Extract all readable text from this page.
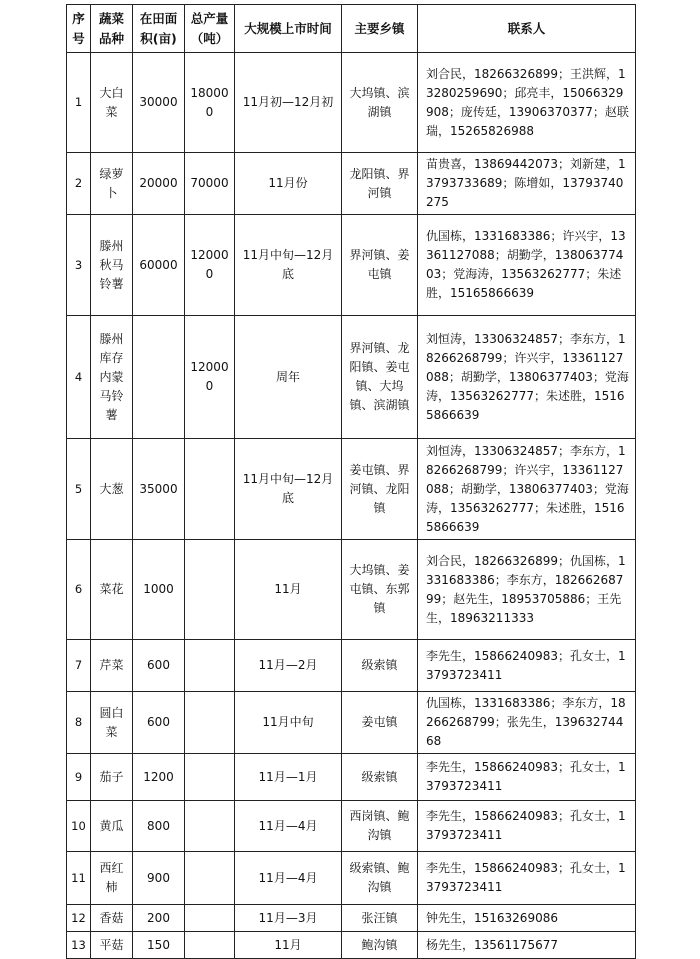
序号	蔬菜品种	在田面积(亩)	总产量（吨）	大规模上市时间	主要乡镇	联系人
1	大白菜	30000	180000	11月初—12月初	大坞镇、滨湖镇	刘合民，18266326899；王洪辉，13280259690；邱亮丰，15066329908；庞传廷，13906370377；赵联瑞，15265826988
2	绿萝卜	20000	70000	11月份	龙阳镇、界河镇	苗贵喜，13869442073；刘新建，13793733689；陈增如，13793740275
3	滕州秋马铃薯	60000	120000	11月中旬—12月底	界河镇、姜屯镇	仇国栋，1331683386；许兴宇，13361127088；胡勤学，13806377403；党海涛，13563262777；朱述胜，15165866639
4	滕州库存内蒙马铃薯		120000	周年	界河镇、龙阳镇、姜屯镇、大坞镇、滨湖镇	刘恒涛，13306324857；李东方，18266268799；许兴宇，13361127088；胡勤学，13806377403；党海涛，13563262777；朱述胜，15165866639
5	大葱	35000		11月中旬—12月底	姜屯镇、界河镇、龙阳镇	刘恒涛，13306324857；李东方，18266268799；许兴宇，13361127088；胡勤学，13806377403；党海涛，13563262777；朱述胜，15165866639
6	菜花	1000		11月	大坞镇、姜屯镇、东郭镇	刘合民，18266326899；仇国栋，1331683386；李东方，18266268799；赵先生，18953705886；王先生，18963211333
7	芹菜	600		11月—2月	级索镇	李先生，15866240983；孔女士，13793723411
8	圆白菜	600		11月中旬	姜屯镇	仇国栋，1331683386；李东方，18266268799；张先生，13963274468
9	茄子	1200		11月—1月	级索镇	李先生，15866240983；孔女士，13793723411
10	黄瓜	800		11月—4月	西岗镇、鲍沟镇	李先生，15866240983；孔女士，13793723411
11	西红柿	900		11月—4月	级索镇、鲍沟镇	李先生，15866240983；孔女士，13793723411
12	香菇	200		11月—3月	张汪镇	钟先生，15163269086
13	平菇	150		11月	鲍沟镇	杨先生，13561175677
